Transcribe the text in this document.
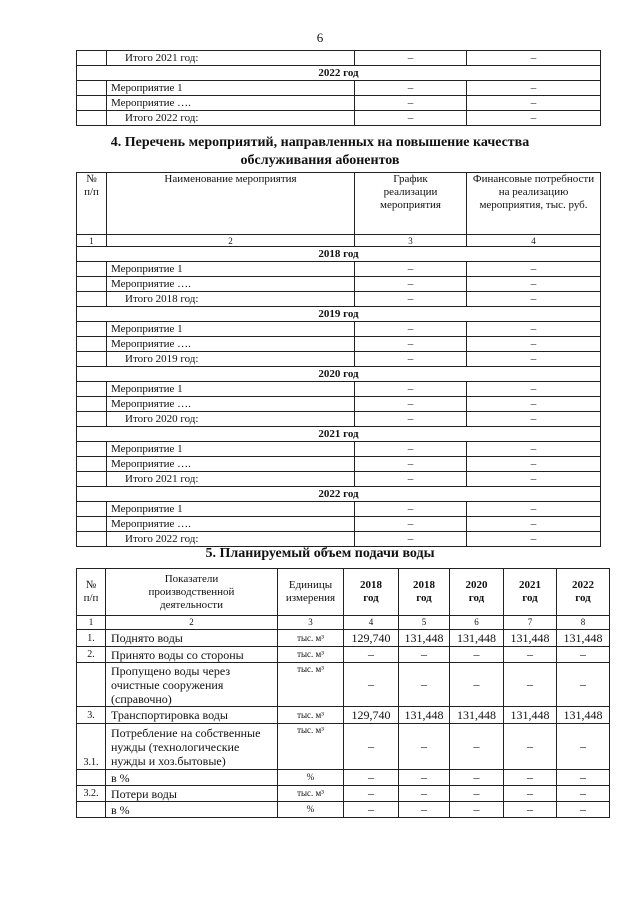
6
	Итого 2021 год:	–	–
2022 год			
	Мероприятие 1	–	–
	Мероприятие ….	–	–
	Итого 2022 год:	–	–
4. Перечень мероприятий, направленных на повышение качества
обслуживания абонентов
№
п/п	Наименование мероприятия	График реализации мероприятия	Финансовые потребности на реализацию мероприятия, тыс. руб.
1	2	3	4
2018 год			
	Мероприятие 1	–	–
	Мероприятие ….	–	–
	Итого 2018 год:	–	–
2019 год			
	Мероприятие 1	–	–
	Мероприятие ….	–	–
	Итого 2019 год:	–	–
2020 год			
	Мероприятие 1	–	–
	Мероприятие ….	–	–
	Итого 2020 год:	–	–
2021 год			
	Мероприятие 1	–	–
	Мероприятие ….	–	–
	Итого 2021 год:	–	–
2022 год			
	Мероприятие 1	–	–
	Мероприятие ….	–	–
	Итого 2022 год:	–	–
5. Планируемый объем подачи воды
№ п/п	Показатели производственной деятельности	Единицы измерения	2018 год	2018 год	2020 год	2021 год	2022 год
1	2	3	4	5	6	7	8
1.	Поднято воды	тыс. м³	129,740	131,448	131,448	131,448	131,448
2.	Принято воды со стороны	тыс. м³	–	–	–	–	–
	Пропущено воды через очистные сооружения (справочно)	тыс. м³	–	–	–	–	–
3.	Транспортировка воды	тыс. м³	129,740	131,448	131,448	131,448	131,448
3.1.	Потребление на собственные нужды (технологические нужды и хоз.бытовые)	тыс. м³	–	–	–	–	–
	в %	%	–	–	–	–	–
3.2.	Потери воды	тыс. м³	–	–	–	–	–
	в %	%	–	–	–	–	–
